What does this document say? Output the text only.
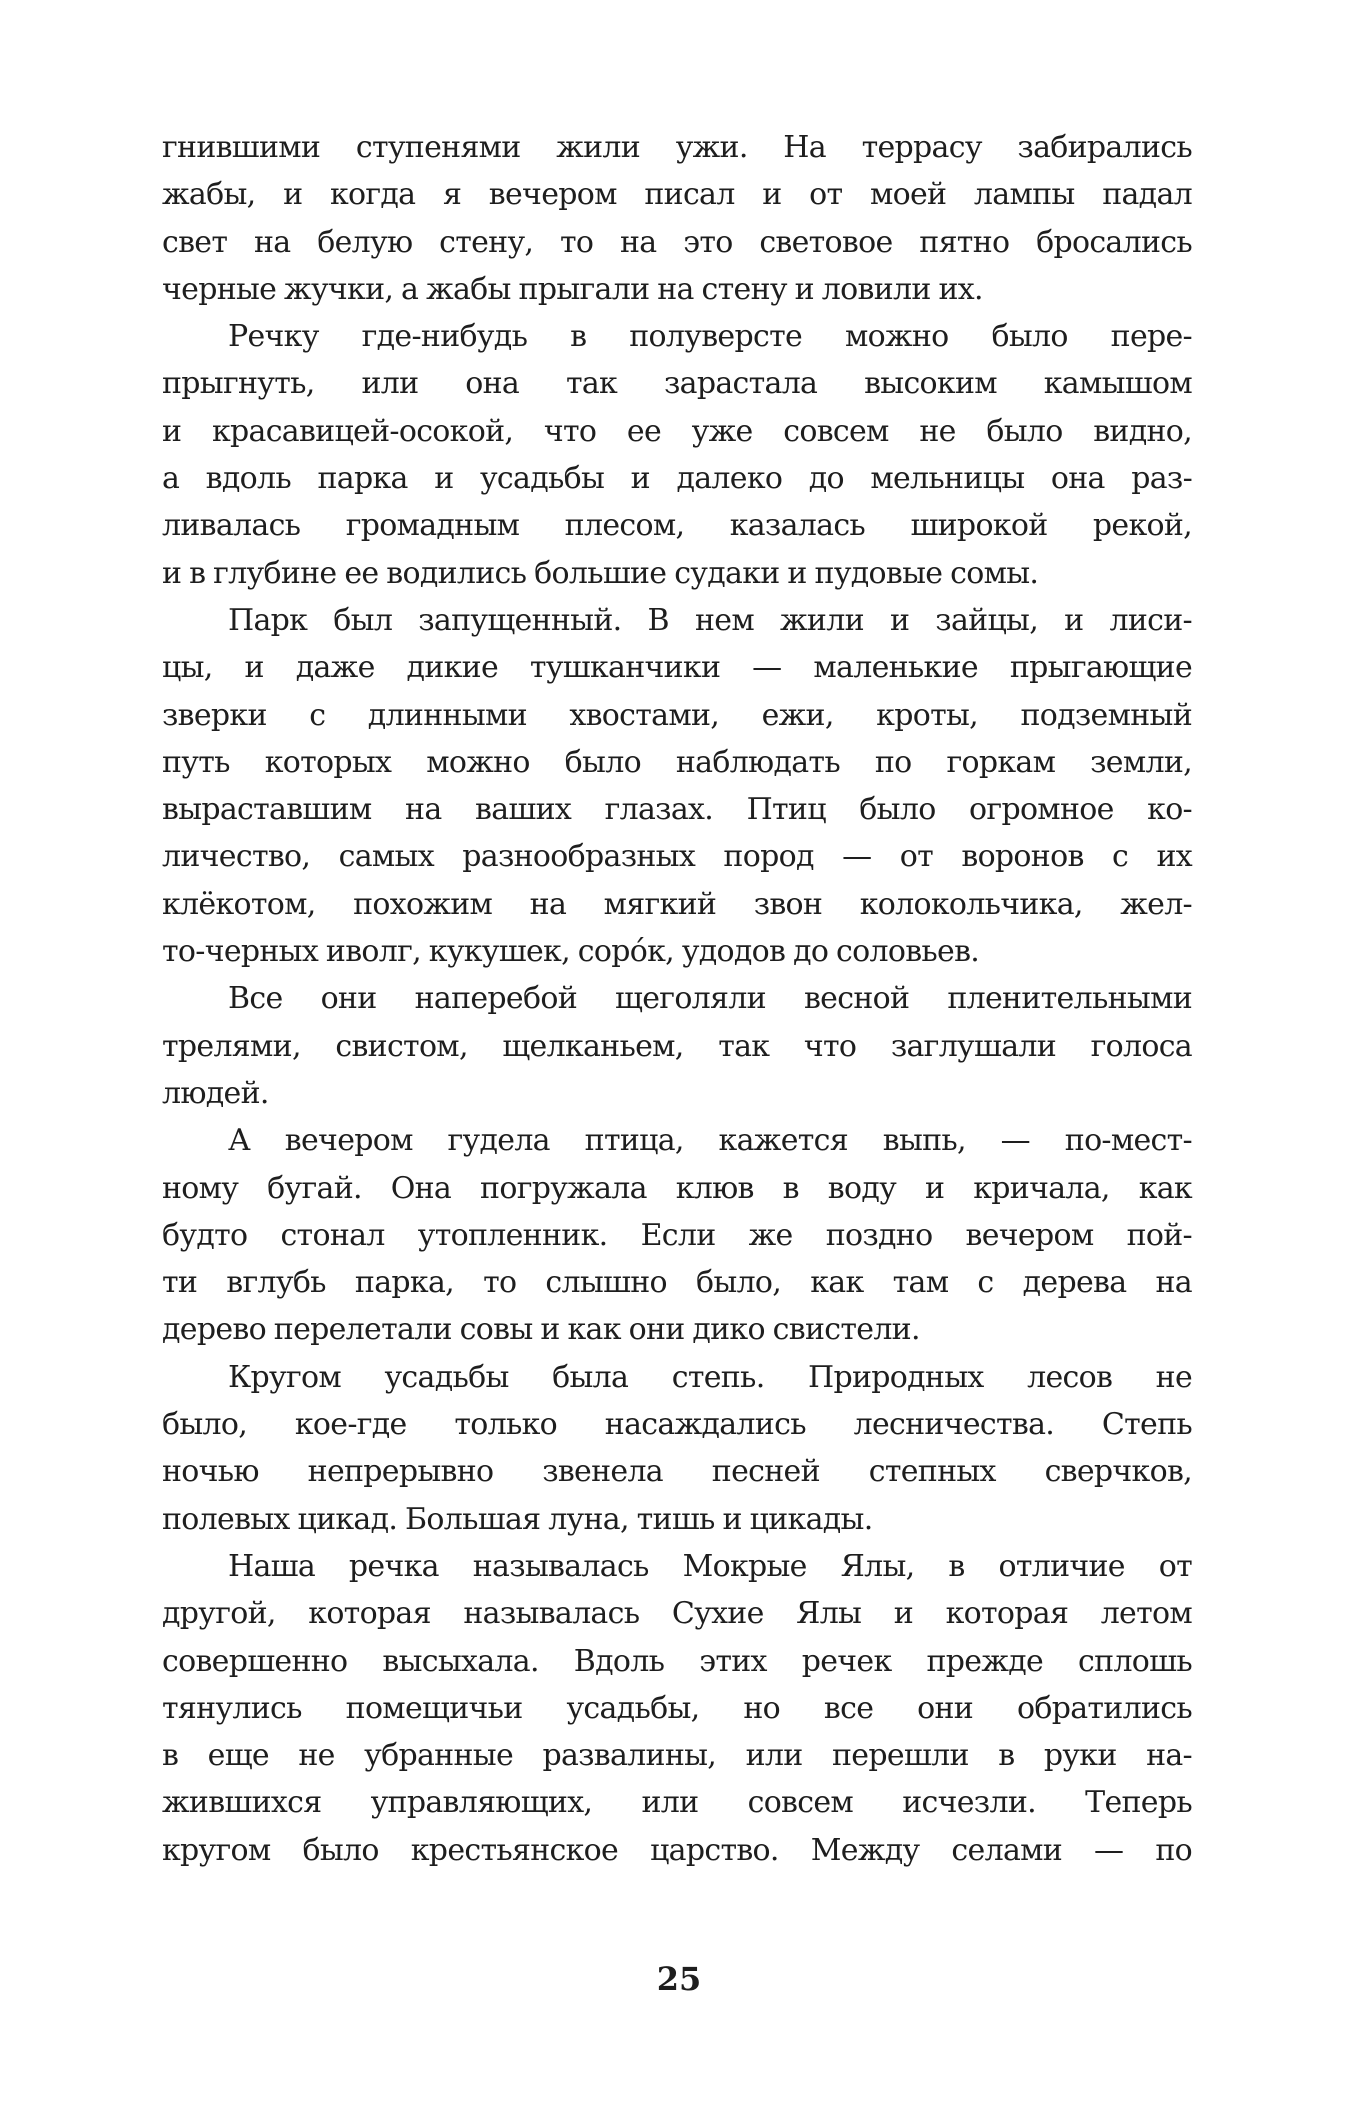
гнившими ступенями жили ужи. На террасу забирались
жабы, и когда я вечером писал и от моей лампы падал
свет на белую стену, то на это световое пятно бросались
черные жучки, а жабы прыгали на стену и ловили их.
Речку где-нибудь в полуверсте можно было пере-
прыгнуть, или она так зарастала высоким камышом
и красавицей-осокой, что ее уже совсем не было видно,
а вдоль парка и усадьбы и далеко до мельницы она раз-
ливалась громадным плесом, казалась широкой рекой,
и в глубине ее водились большие судаки и пудовые сомы.
Парк был запущенный. В нем жили и зайцы, и лиси-
цы, и даже дикие тушканчики — маленькие прыгающие
зверки с длинными хвостами, ежи, кроты, подземный
путь которых можно было наблюдать по горкам земли,
выраставшим на ваших глазах. Птиц было огромное ко-
личество, самых разнообразных пород — от воронов с их
клёкотом, похожим на мягкий звон колокольчика, жел-
то-черных иволг, кукушек, сорóк, удодов до соловьев.
Все они наперебой щеголяли весной пленительными
трелями, свистом, щелканьем, так что заглушали голоса
людей.
А вечером гудела птица, кажется выпь, — по-мест-
ному бугай. Она погружала клюв в воду и кричала, как
будто стонал утопленник. Если же поздно вечером пой-
ти вглубь парка, то слышно было, как там с дерева на
дерево перелетали совы и как они дико свистели.
Кругом усадьбы была степь. Природных лесов не
было, кое-где только насаждались лесничества. Степь
ночью непрерывно звенела песней степных сверчков,
полевых цикад. Большая луна, тишь и цикады.
Наша речка называлась Мокрые Ялы, в отличие от
другой, которая называлась Сухие Ялы и которая летом
совершенно высыхала. Вдоль этих речек прежде сплошь
тянулись помещичьи усадьбы, но все они обратились
в еще не убранные развалины, или перешли в руки на-
жившихся управляющих, или совсем исчезли. Теперь
кругом было крестьянское царство. Между селами — по
25
